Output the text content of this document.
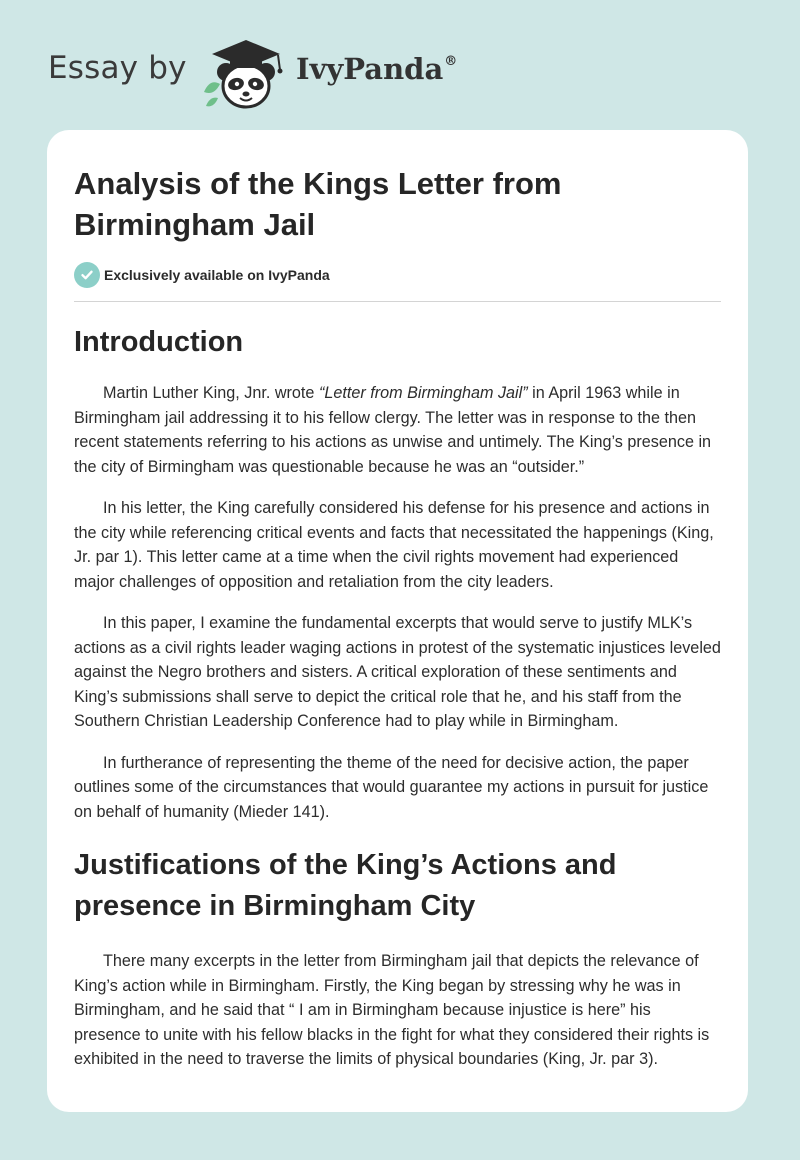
Essay by	IvyPanda®
Analysis of the Kings Letter from Birmingham Jail
Exclusively available on IvyPanda
Introduction

Martin Luther King, Jnr. wrote “Letter from Birmingham Jail” in April 1963 while in Birmingham jail addressing it to his fellow clergy. The letter was in response to the then recent statements referring to his actions as unwise and untimely. The King’s presence in the city of Birmingham was questionable because he was an “outsider.”

In his letter, the King carefully considered his defense for his presence and actions in the city while referencing critical events and facts that necessitated the happenings (King, Jr. par 1). This letter came at a time when the civil rights movement had experienced major challenges of opposition and retaliation from the city leaders.

In this paper, I examine the fundamental excerpts that would serve to justify MLK’s actions as a civil rights leader waging actions in protest of the systematic injustices leveled against the Negro brothers and sisters. A critical exploration of these sentiments and King’s submissions shall serve to depict the critical role that he, and his staff from the Southern Christian Leadership Conference had to play while in Birmingham.

In furtherance of representing the theme of the need for decisive action, the paper outlines some of the circumstances that would guarantee my actions in pursuit for justice on behalf of humanity (Mieder 141).

Justifications of the King’s Actions and presence in Birmingham City

There many excerpts in the letter from Birmingham jail that depicts the relevance of King’s action while in Birmingham. Firstly, the King began by stressing why he was in Birmingham, and he said that “ I am in Birmingham because injustice is here” his presence to unite with his fellow blacks in the fight for what they considered their rights is exhibited in the need to traverse the limits of physical boundaries (King, Jr. par 3).
